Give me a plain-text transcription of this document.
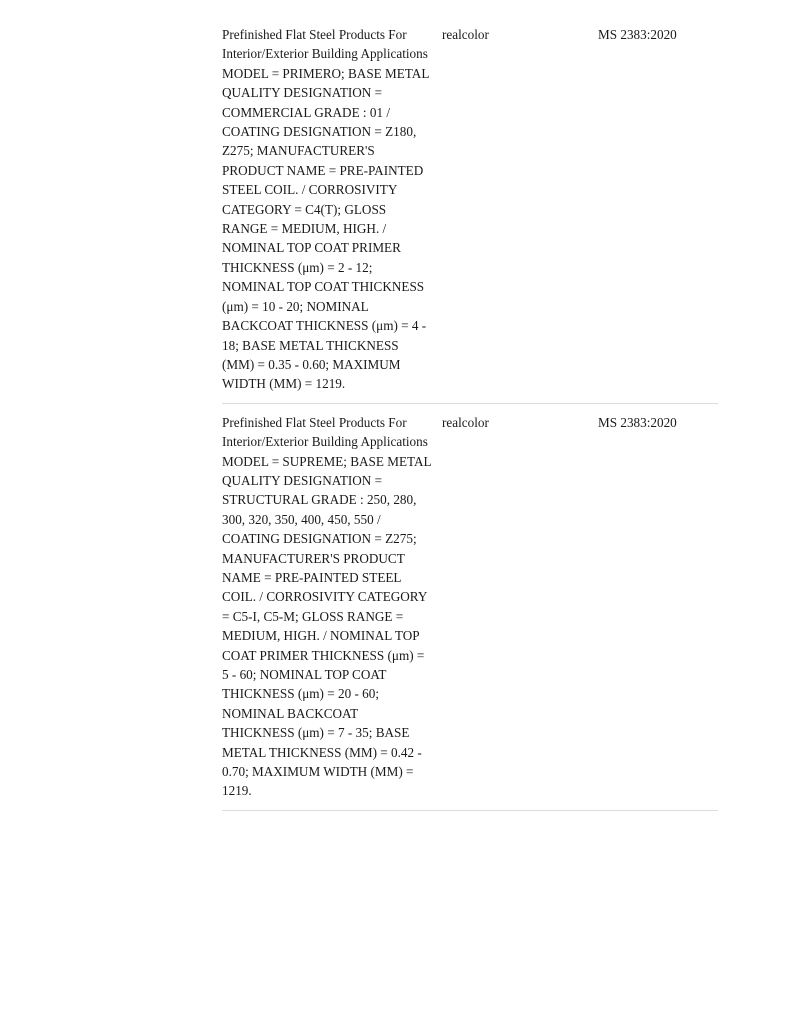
Prefinished Flat Steel Products For Interior/Exterior Building Applications
MODEL = PRIMERO; BASE METAL QUALITY DESIGNATION = COMMERCIAL GRADE : 01 / COATING DESIGNATION = Z180, Z275; MANUFACTURER'S PRODUCT NAME = PRE-PAINTED STEEL COIL. / CORROSIVITY CATEGORY = C4(T); GLOSS RANGE = MEDIUM, HIGH. / NOMINAL TOP COAT PRIMER THICKNESS (μm) = 2 - 12; NOMINAL TOP COAT THICKNESS (μm) = 10 - 20; NOMINAL BACKCOAT THICKNESS (μm) = 4 - 18; BASE METAL THICKNESS (MM) = 0.35 - 0.60; MAXIMUM WIDTH (MM) = 1219.	realcolor	MS 2383:2020

Prefinished Flat Steel Products For Interior/Exterior Building Applications
MODEL = SUPREME; BASE METAL QUALITY DESIGNATION = STRUCTURAL GRADE : 250, 280, 300, 320, 350, 400, 450, 550 / COATING DESIGNATION = Z275; MANUFACTURER'S PRODUCT NAME = PRE-PAINTED STEEL COIL. / CORROSIVITY CATEGORY = C5-I, C5-M; GLOSS RANGE = MEDIUM, HIGH. / NOMINAL TOP COAT PRIMER THICKNESS (μm) = 5 - 60; NOMINAL TOP COAT THICKNESS (μm) = 20 - 60; NOMINAL BACKCOAT THICKNESS (μm) = 7 - 35; BASE METAL THICKNESS (MM) = 0.42 - 0.70; MAXIMUM WIDTH (MM) = 1219.	realcolor	MS 2383:2020
